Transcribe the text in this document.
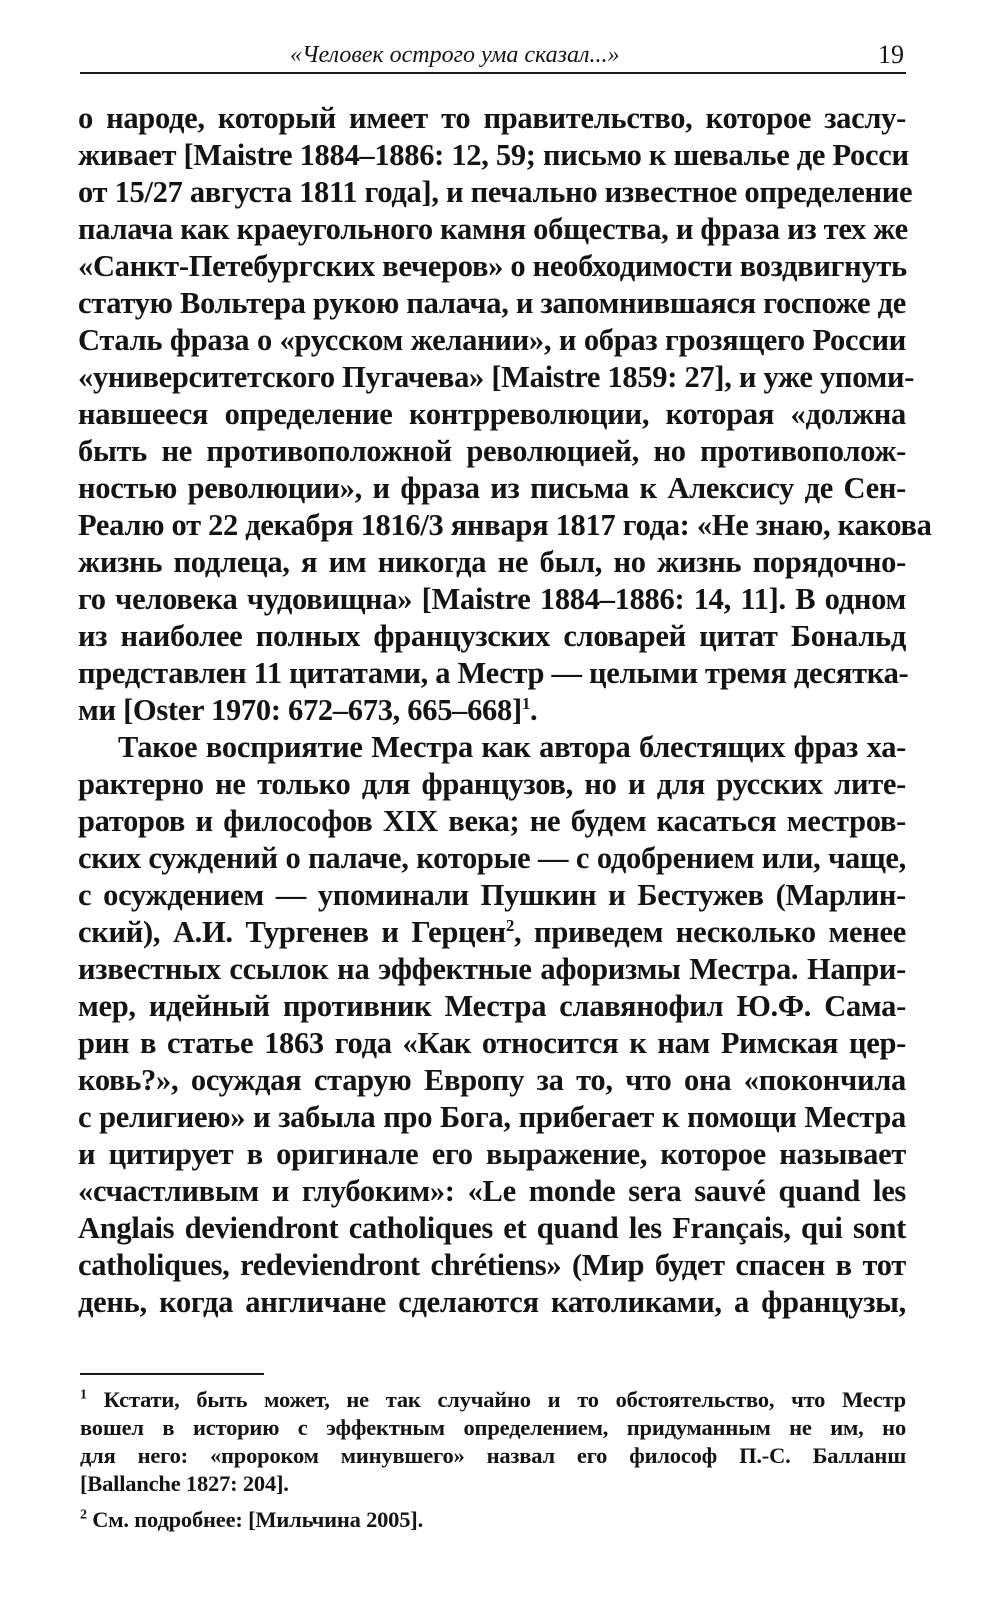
«Человек острого ума сказал...»	19
о народе, который имеет то правительство, которое заслу-
живает [Maistre 1884–1886: 12, 59; письмо к шевалье де Росси
от 15/27 августа 1811 года], и печально известное определение
палача как краеугольного камня общества, и фраза из тех же
«Санкт-Петебургских вечеров» о необходимости воздвигнуть
статую Вольтера рукою палача, и запомнившаяся госпоже де
Сталь фраза о «русском желании», и образ грозящего России
«университетского Пугачева» [Maistre 1859: 27], и уже упоми-
навшееся определение контрреволюции, которая «должна
быть не противоположной революцией, но противополож-
ностью революции», и фраза из письма к Алексису де Сен-
Реалю от 22 декабря 1816/3 января 1817 года: «Не знаю, какова
жизнь подлеца, я им никогда не был, но жизнь порядочно-
го человека чудовищна» [Maistre 1884–1886: 14, 11]. В одном
из наиболее полных французских словарей цитат Бональд
представлен 11 цитатами, а Местр — целыми тремя десятка-
ми [Oster 1970: 672–673, 665–668]$^1$.
Такое восприятие Местра как автора блестящих фраз ха-
рактерно не только для французов, но и для русских лите-
раторов и философов XIX века; не будем касаться местров-
ских суждений о палаче, которые — с одобрением или, чаще,
с осуждением — упоминали Пушкин и Бестужев (Марлин-
ский), А.И. Тургенев и Герцен$^2$, приведем несколько менее
известных ссылок на эффектные афоризмы Местра. Напри-
мер, идейный противник Местра славянофил Ю.Ф. Сама-
рин в статье 1863 года «Как относится к нам Римская цер-
ковь?», осуждая старую Европу за то, что она «покончила
с религиею» и забыла про Бога, прибегает к помощи Местра
и цитирует в оригинале его выражение, которое называет
«счастливым и глубоким»: «Le monde sera sauvé quand les
Anglais deviendront catholiques et quand les Français, qui sont
catholiques, redeviendront chrétiens» (Мир будет спасен в тот
день, когда англичане сделаются католиками, а французы,
$^1$ Кстати, быть может, не так случайно и то обстоятельство, что Местр
вошел в историю с эффектным определением, придуманным не им, но
для него: «пророком минувшего» назвал его философ П.-С. Балланш
[Ballanche 1827: 204].
$^2$ См. подробнее: [Мильчина 2005].
